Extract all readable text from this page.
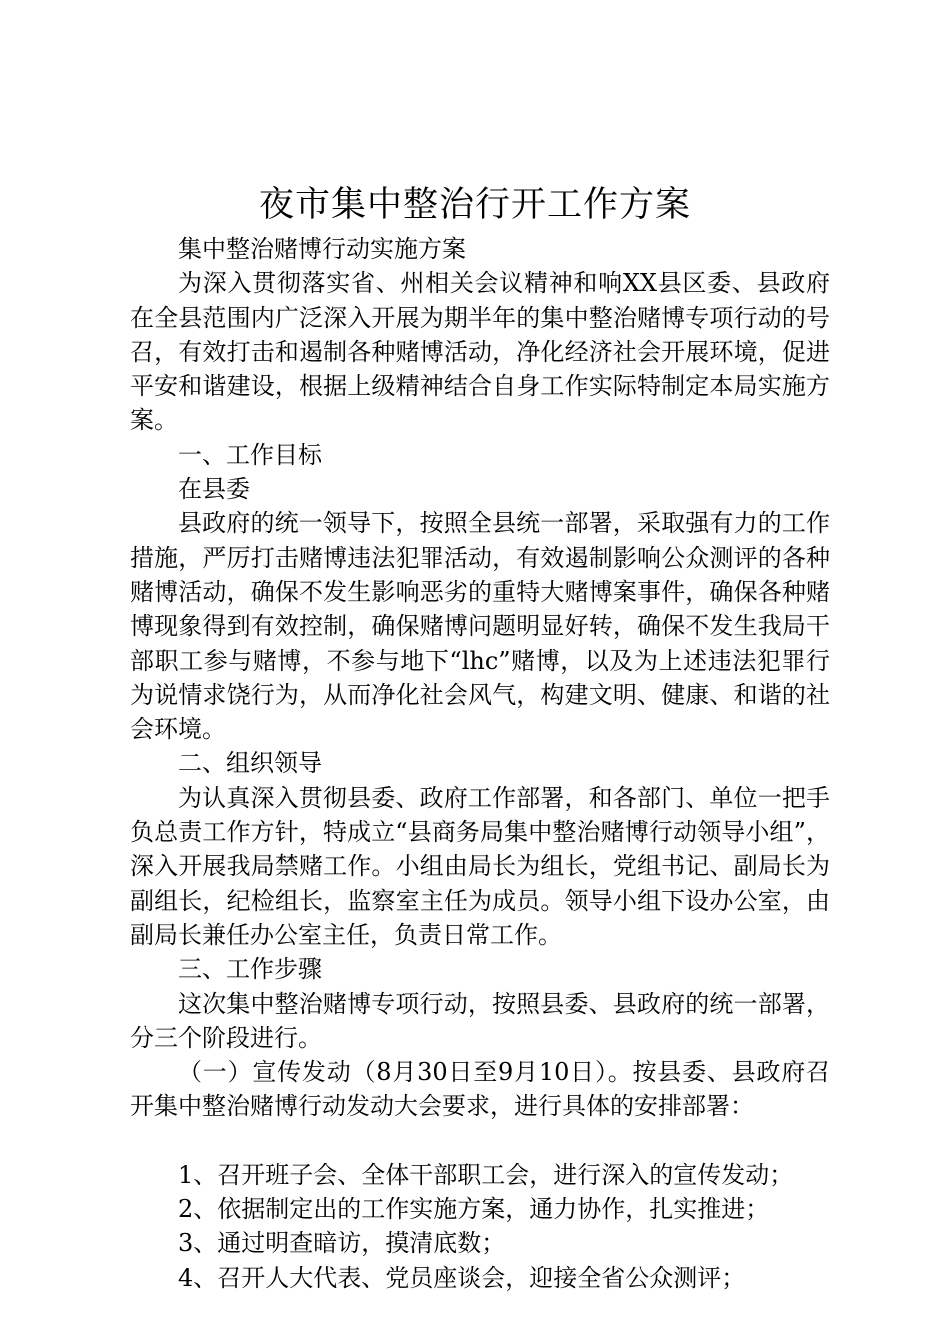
夜市集中整治行开工作方案

集中整治赌博行动实施方案

为深入贯彻落实省、州相关会议精神和响XX县区委、县政府在全县范围内广泛深入开展为期半年的集中整治赌博专项行动的号召，有效打击和遏制各种赌博活动，净化经济社会开展环境，促进平安和谐建设，根据上级精神结合自身工作实际特制定本局实施方案。

一、工作目标

在县委

县政府的统一领导下，按照全县统一部署，采取强有力的工作措施，严厉打击赌博违法犯罪活动，有效遏制影响公众测评的各种赌博活动，确保不发生影响恶劣的重特大赌博案事件，确保各种赌博现象得到有效控制，确保赌博问题明显好转，确保不发生我局干部职工参与赌博，不参与地下“lhc”赌博，以及为上述违法犯罪行为说情求饶行为，从而净化社会风气，构建文明、健康、和谐的社会环境。

二、组织领导

为认真深入贯彻县委、政府工作部署，和各部门、单位一把手负总责工作方针，特成立“县商务局集中整治赌博行动领导小组”，深入开展我局禁赌工作。小组由局长为组长，党组书记、副局长为副组长，纪检组长，监察室主任为成员。领导小组下设办公室，由副局长兼任办公室主任，负责日常工作。

三、工作步骤

这次集中整治赌博专项行动，按照县委、县政府的统一部署，分三个阶段进行。

（一）宣传发动（8月30日至9月10日）。按县委、县政府召开集中整治赌博行动发动大会要求，进行具体的安排部署：

1、召开班子会、全体干部职工会，进行深入的宣传发动；

2、依据制定出的工作实施方案，通力协作，扎实推进；

3、通过明查暗访，摸清底数；

4、召开人大代表、党员座谈会，迎接全省公众测评；
